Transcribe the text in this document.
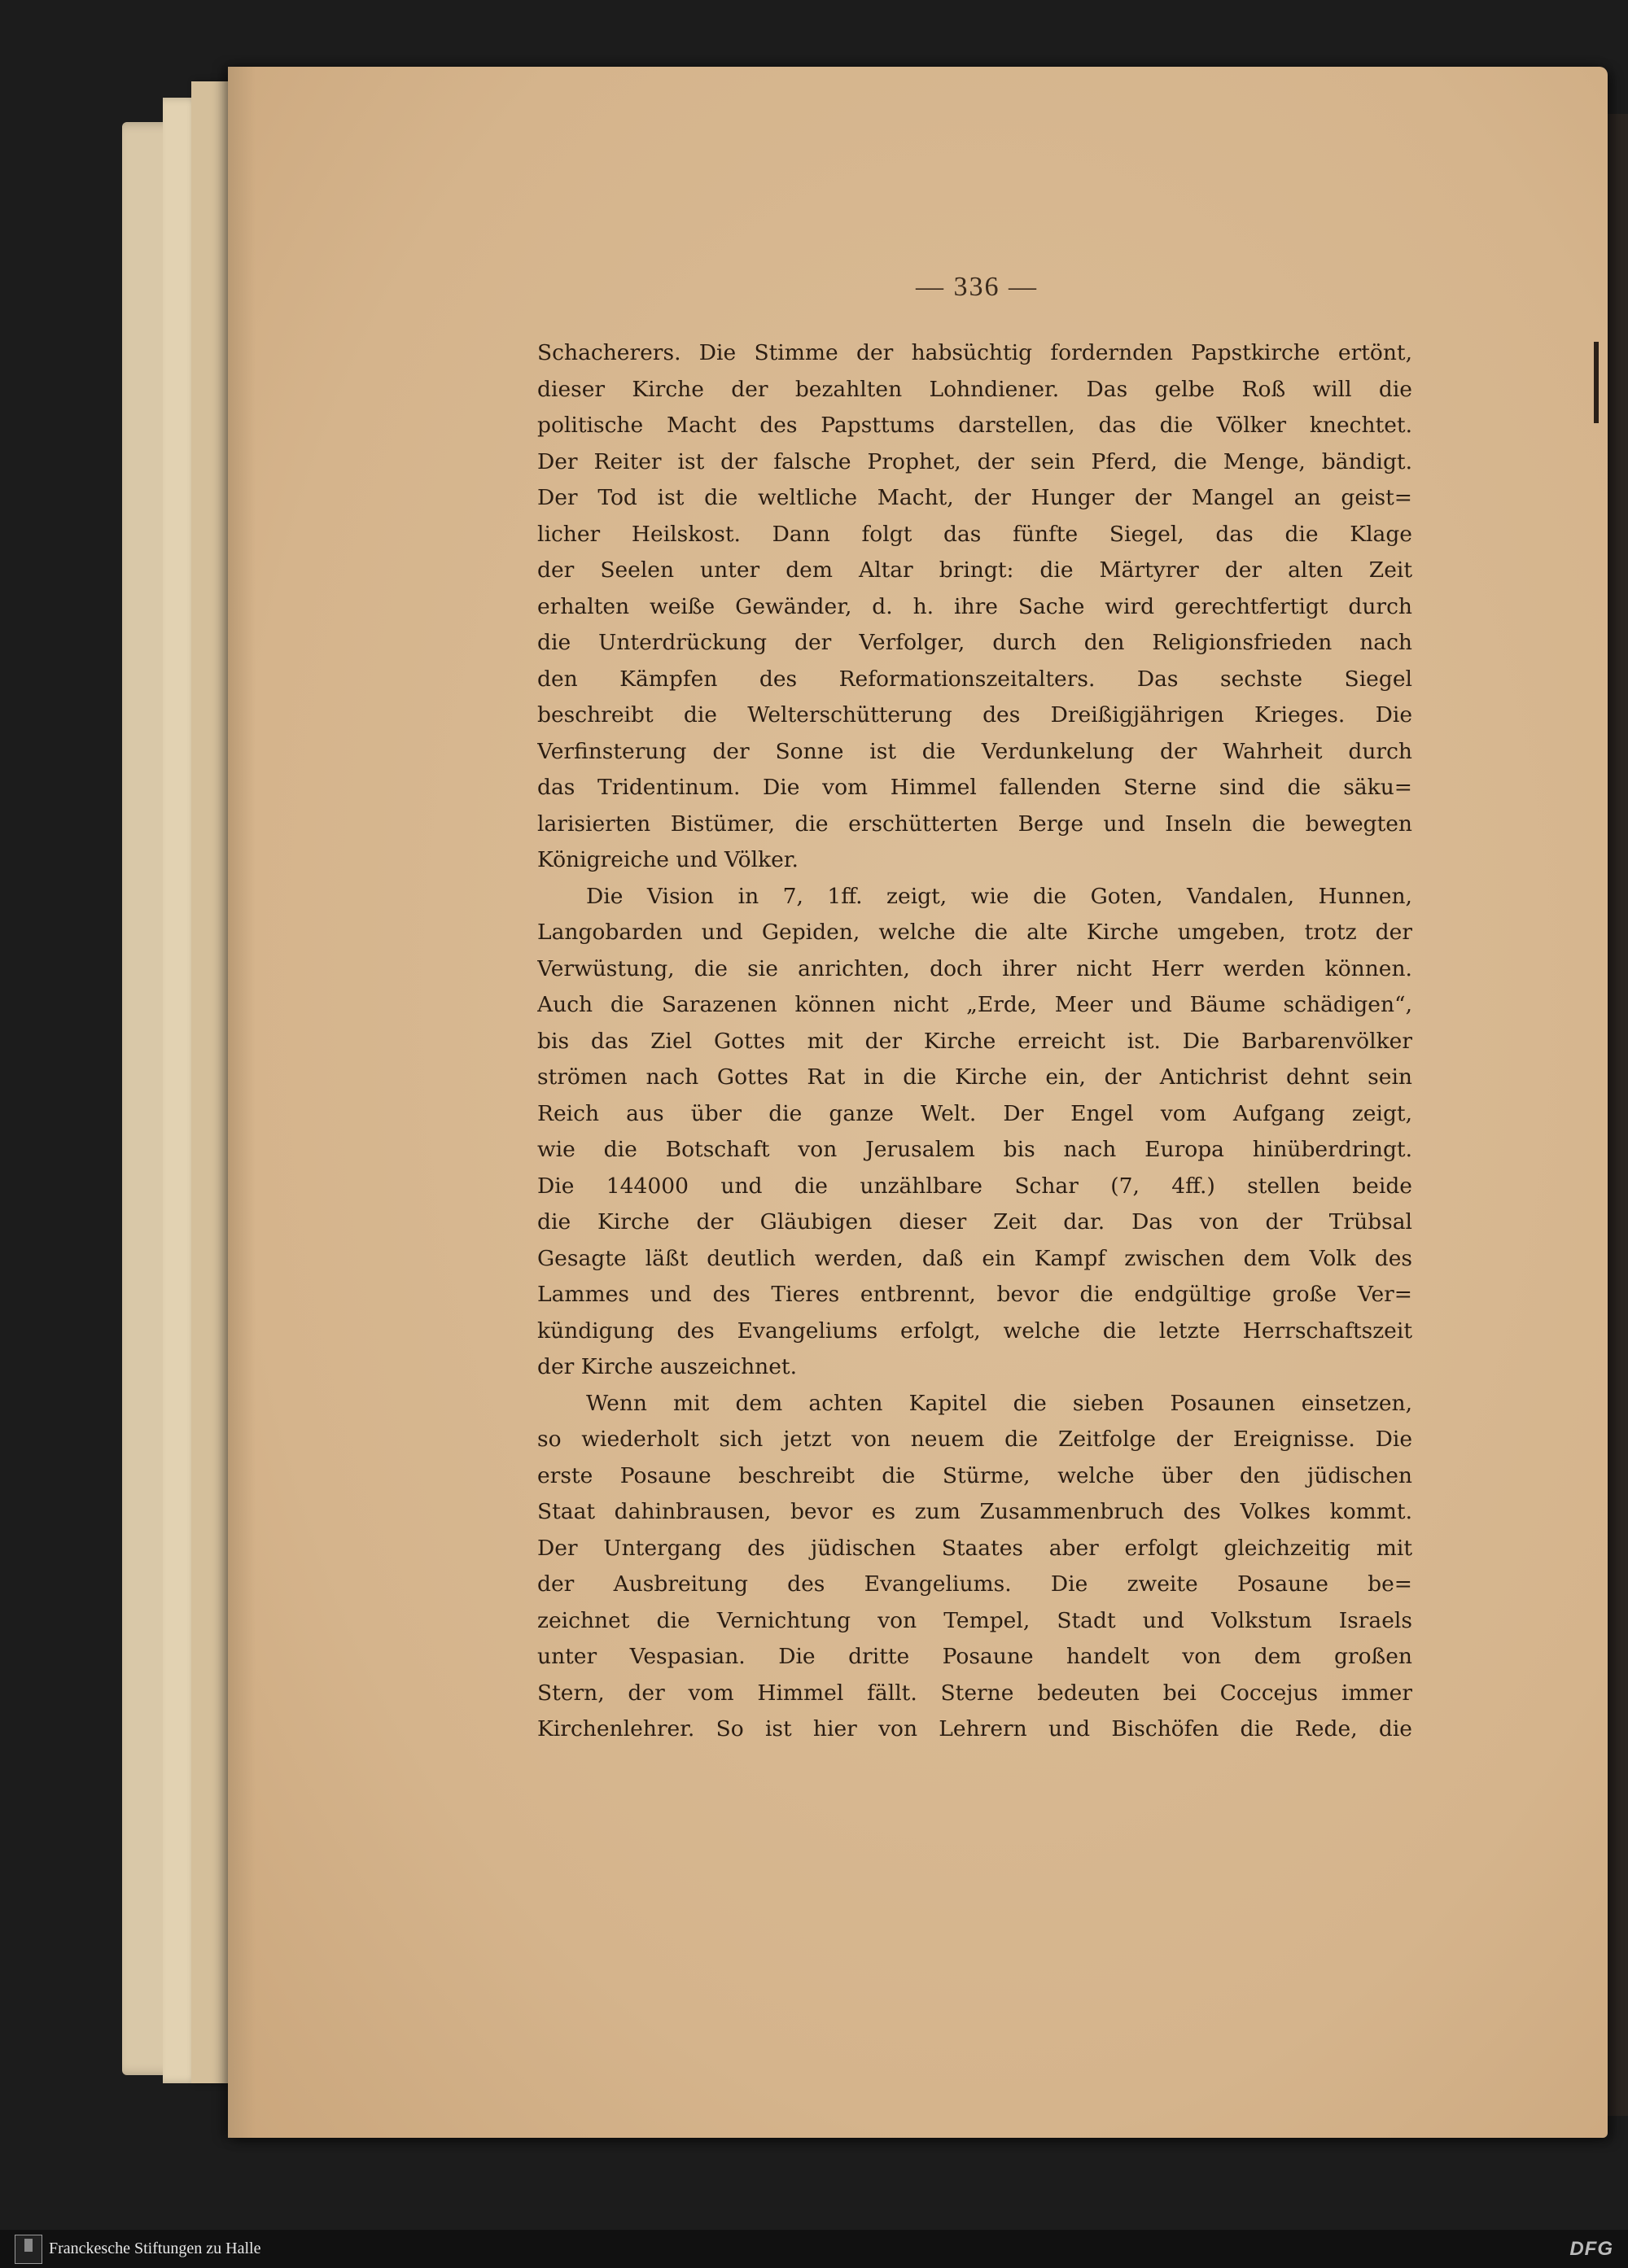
— 336 —
Schacherers. Die Stimme der habsüchtig fordernden Papstkirche ertönt,
dieser Kirche der bezahlten Lohndiener. Das gelbe Roß will die
politische Macht des Papsttums darstellen, das die Völker knechtet.
Der Reiter ist der falsche Prophet, der sein Pferd, die Menge, bändigt.
Der Tod ist die weltliche Macht, der Hunger der Mangel an geist=
licher Heilskost. Dann folgt das fünfte Siegel, das die Klage
der Seelen unter dem Altar bringt: die Märtyrer der alten Zeit
erhalten weiße Gewänder, d. h. ihre Sache wird gerechtfertigt durch
die Unterdrückung der Verfolger, durch den Religionsfrieden nach
den Kämpfen des Reformationszeitalters. Das sechste Siegel
beschreibt die Welterschütterung des Dreißigjährigen Krieges. Die
Verfinsterung der Sonne ist die Verdunkelung der Wahrheit durch
das Tridentinum. Die vom Himmel fallenden Sterne sind die säku=
larisierten Bistümer, die erschütterten Berge und Inseln die bewegten
Königreiche und Völker.
Die Vision in 7, 1ff. zeigt, wie die Goten, Vandalen, Hunnen,
Langobarden und Gepiden, welche die alte Kirche umgeben, trotz der
Verwüstung, die sie anrichten, doch ihrer nicht Herr werden können.
Auch die Sarazenen können nicht „Erde, Meer und Bäume schädigen“,
bis das Ziel Gottes mit der Kirche erreicht ist. Die Barbarenvölker
strömen nach Gottes Rat in die Kirche ein, der Antichrist dehnt sein
Reich aus über die ganze Welt. Der Engel vom Aufgang zeigt,
wie die Botschaft von Jerusalem bis nach Europa hinüberdringt.
Die 144000 und die unzählbare Schar (7, 4ff.) stellen beide
die Kirche der Gläubigen dieser Zeit dar. Das von der Trübsal
Gesagte läßt deutlich werden, daß ein Kampf zwischen dem Volk des
Lammes und des Tieres entbrennt, bevor die endgültige große Ver=
kündigung des Evangeliums erfolgt, welche die letzte Herrschaftszeit
der Kirche auszeichnet.
Wenn mit dem achten Kapitel die sieben Posaunen einsetzen,
so wiederholt sich jetzt von neuem die Zeitfolge der Ereignisse. Die
erste Posaune beschreibt die Stürme, welche über den jüdischen
Staat dahinbrausen, bevor es zum Zusammenbruch des Volkes kommt.
Der Untergang des jüdischen Staates aber erfolgt gleichzeitig mit
der Ausbreitung des Evangeliums. Die zweite Posaune be=
zeichnet die Vernichtung von Tempel, Stadt und Volkstum Israels
unter Vespasian. Die dritte Posaune handelt von dem großen
Stern, der vom Himmel fällt. Sterne bedeuten bei Coccejus immer
Kirchenlehrer. So ist hier von Lehrern und Bischöfen die Rede, die
Franckesche Stiftungen zu Halle	DFG
